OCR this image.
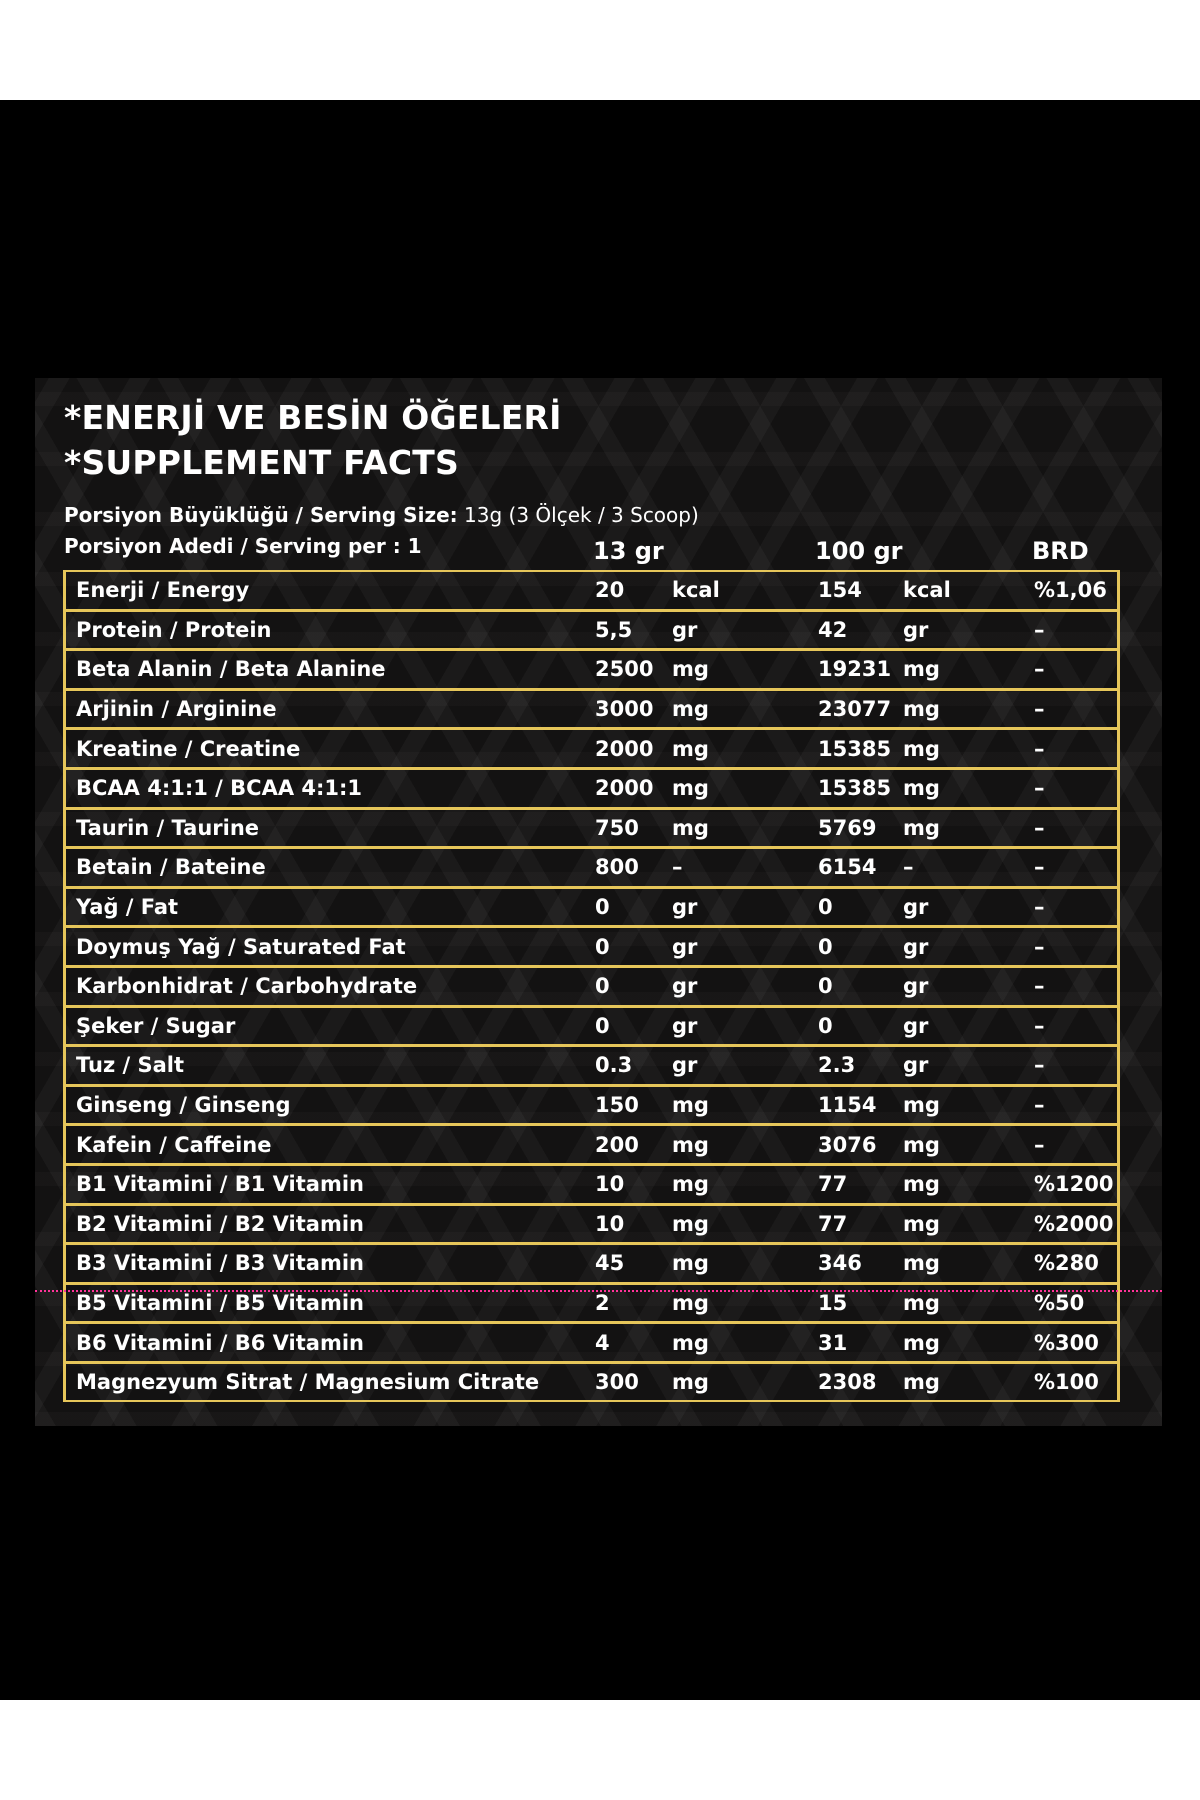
*ENERJİ VE BESİN ÖĞELERİ
*SUPPLEMENT FACTS
Porsiyon Büyüklüğü / Serving Size: 13g (3 Ölçek / 3 Scoop)
Porsiyon Adedi / Serving per : 1	13 gr	100 gr	BRD
Enerji / Energy	20 kcal	154 kcal	%1,06
Protein / Protein	5,5 gr	42	gr	–
Beta Alanin / Beta Alanine	2500 mg	19231 mg	–
Arjinin / Arginine	3000 mg	23077 mg	–
Kreatine / Creatine	2000 mg	15385 mg	–
BCAA 4:1:1 / BCAA 4:1:1	2000 mg	15385 mg	–
Taurin / Taurine	750 mg	5769 mg	–
Betain / Bateine	800 –	6154 –	–
Yağ / Fat	0	gr	0	gr	–
Doymuş Yağ / Saturated Fat	0	gr	0	gr	–
Karbonhidrat / Carbohydrate	0	gr	0	gr	–
Şeker / Sugar	0	gr	0	gr	–
Tuz / Salt	0.3 gr	2.3 gr	–
Ginseng / Ginseng	150 mg	1154 mg	–
Kafein / Caffeine	200 mg	3076 mg	–
B1 Vitamini / B1 Vitamin	10 mg	77	mg	%1200
B2 Vitamini / B2 Vitamin	10 mg	77	mg	%2000
B3 Vitamini / B3 Vitamin	45 mg	346 mg	%280
B5 Vitamini / B5 Vitamin	2	mg	15	mg	%50
B6 Vitamini / B6 Vitamin	4	mg	31	mg	%300
Magnezyum Sitrat / Magnesium Citrate	300 mg	2308 mg	%100
